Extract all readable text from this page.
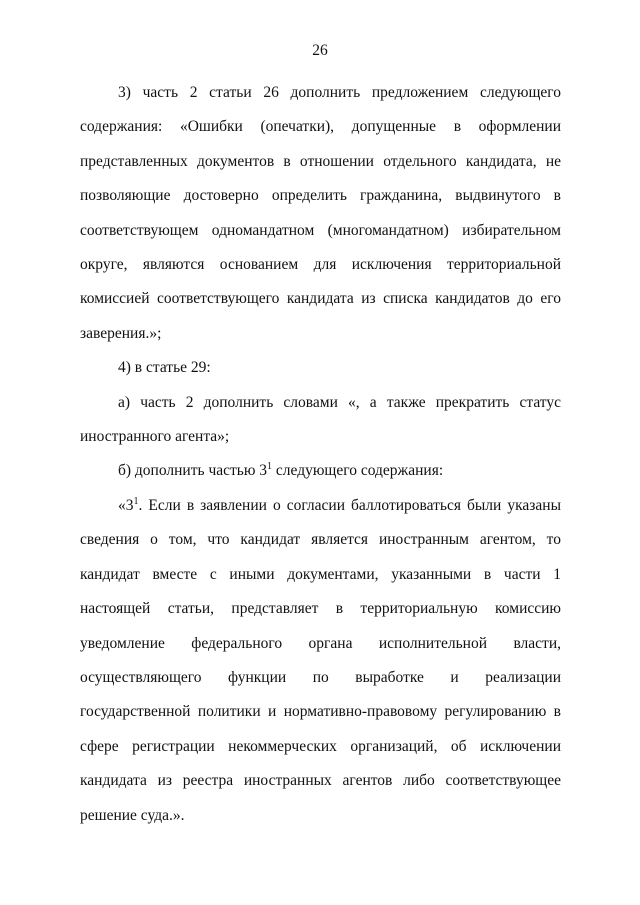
26

3) часть 2 статьи 26 дополнить предложением следующего содержания: «Ошибки (опечатки), допущенные в оформлении представленных документов в отношении отдельного кандидата, не позволяющие достоверно определить гражданина, выдвинутого в соответствующем одномандатном (многомандатном) избирательном округе, являются основанием для исключения территориальной комиссией соответствующего кандидата из списка кандидатов до его заверения.»;

4) в статье 29:

а) часть 2 дополнить словами «, а также прекратить статус иностранного агента»;

б) дополнить частью $3^1$ следующего содержания:

«$3^1$. Если в заявлении о согласии баллотироваться были указаны сведения о том, что кандидат является иностранным агентом, то кандидат вместе с иными документами, указанными в части 1 настоящей статьи, представляет в территориальную комиссию уведомление федерального органа исполнительной власти, осуществляющего функции по выработке и реализации государственной политики и нормативно-правовому регулированию в сфере регистрации некоммерческих организаций, об исключении кандидата из реестра иностранных агентов либо соответствующее решение суда.».
